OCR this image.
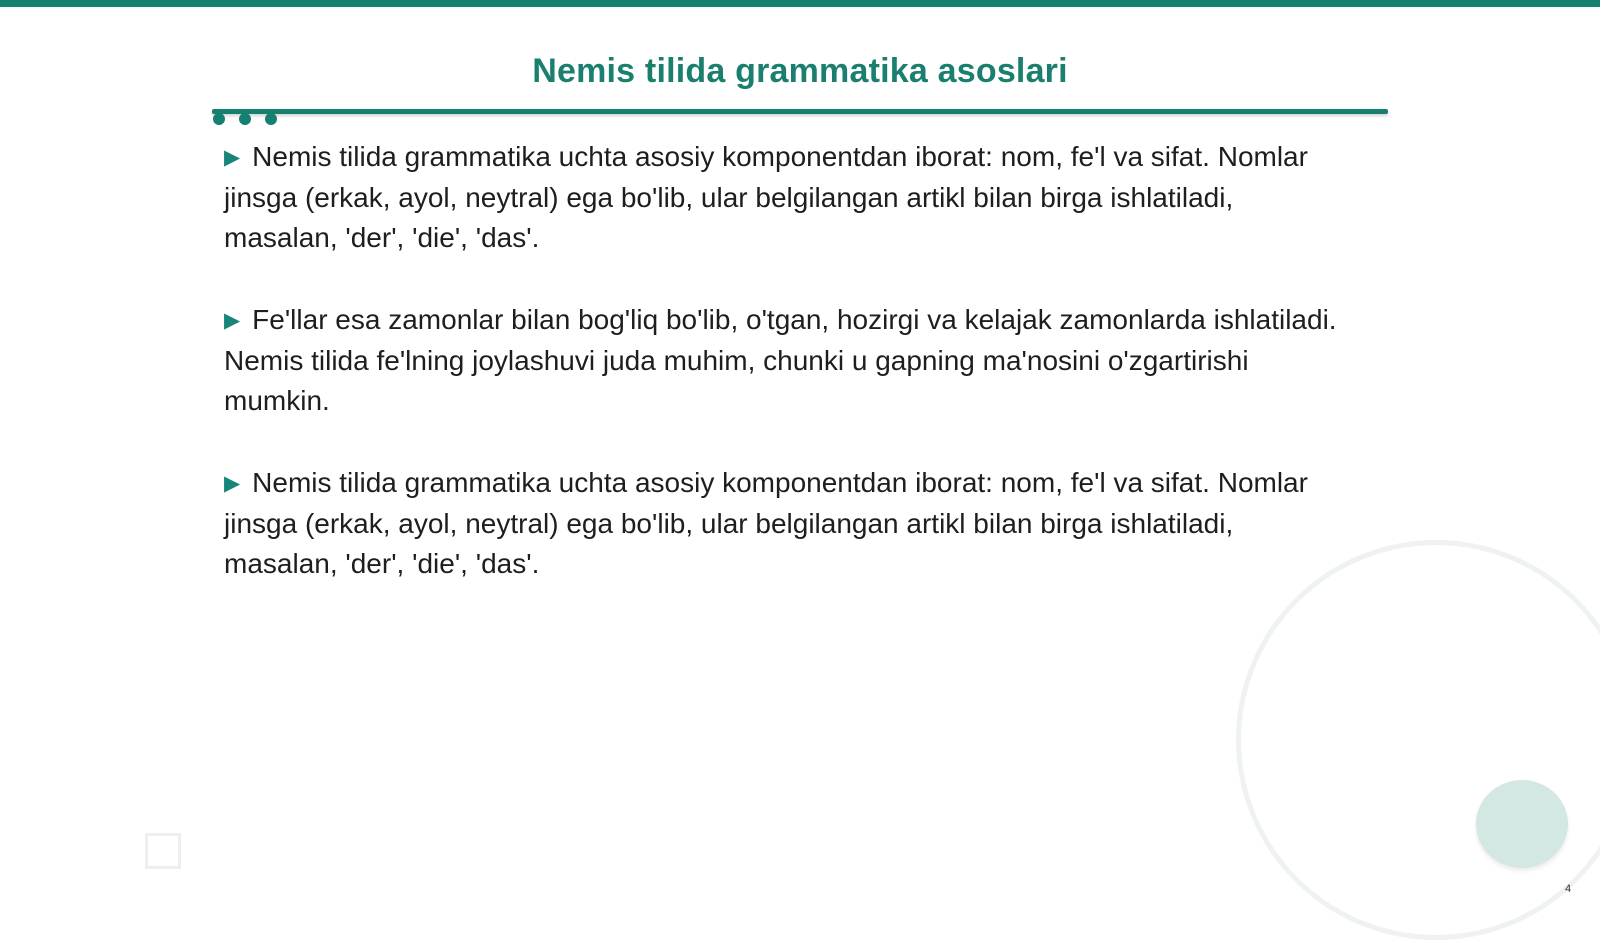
Nemis tilida grammatika asoslari

▶ Nemis tilida grammatika uchta asosiy komponentdan iborat: nom, fe'l va sifat. Nomlar jinsga (erkak, ayol, neytral) ega bo'lib, ular belgilangan artikl bilan birga ishlatiladi, masalan, 'der', 'die', 'das'.

▶ Fe'llar esa zamonlar bilan bog'liq bo'lib, o'tgan, hozirgi va kelajak zamonlarda ishlatiladi. Nemis tilida fe'lning joylashuvi juda muhim, chunki u gapning ma'nosini o'zgartirishi mumkin.

▶ Nemis tilida grammatika uchta asosiy komponentdan iborat: nom, fe'l va sifat. Nomlar jinsga (erkak, ayol, neytral) ega bo'lib, ular belgilangan artikl bilan birga ishlatiladi, masalan, 'der', 'die', 'das'.

4
